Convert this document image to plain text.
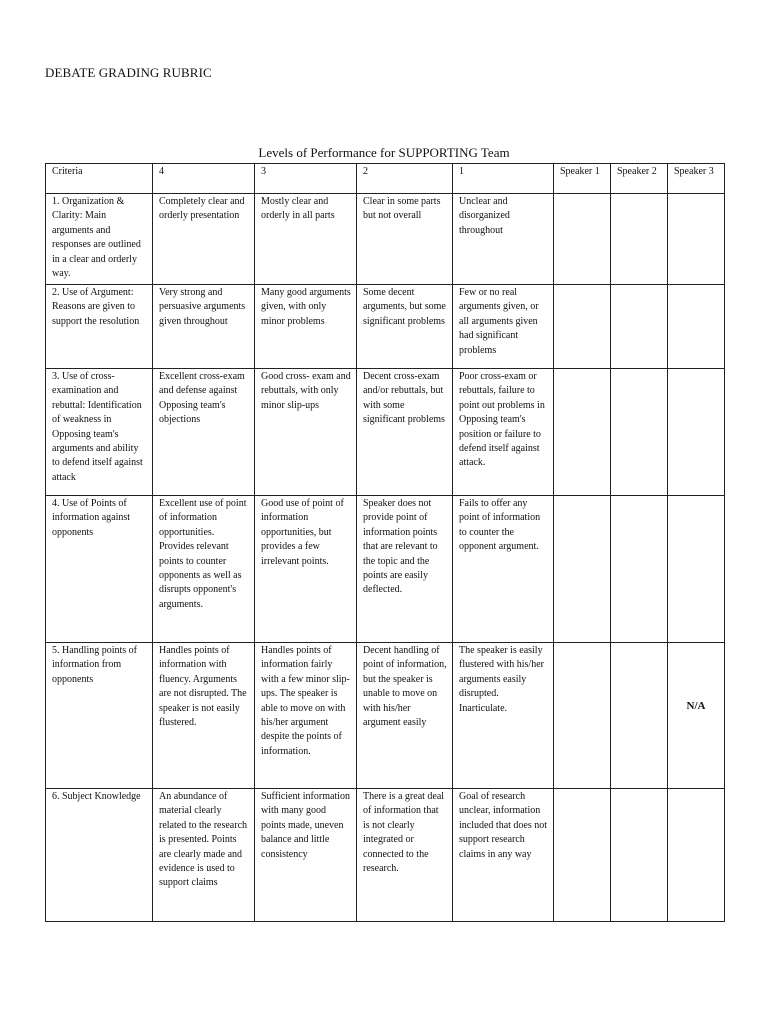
DEBATE GRADING RUBRIC
Levels of Performance for SUPPORTING Team
Criteria	4	3	2	1	Speaker 1	Speaker 2	Speaker 3
1. Organization & Clarity: Main arguments and responses are outlined in a clear and orderly way.	Completely clear and orderly presentation	Mostly clear and orderly in all parts	Clear in some parts but not overall	Unclear and disorganized throughout			
2. Use of Argument: Reasons are given to support the resolution	Very strong and persuasive arguments given throughout	Many good arguments given, with only minor problems	Some decent arguments, but some significant problems	Few or no real arguments given, or all arguments given had significant problems			
3. Use of cross-examination and rebuttal: Identification of weakness in Opposing team's arguments and ability to defend itself against attack	Excellent cross-exam and defense against Opposing team's objections	Good cross- exam and rebuttals, with only minor slip-ups	Decent cross-exam and/or rebuttals, but with some significant problems	Poor cross-exam or rebuttals, failure to point out problems in Opposing team's position or failure to defend itself against attack.			
4. Use of Points of information against opponents	Excellent use of point of information opportunities. Provides relevant points to counter opponents as well as disrupts opponent's arguments.	Good use of point of information opportunities, but provides a few irrelevant points.	Speaker does not provide point of information points that are relevant to the topic and the points are easily deflected.	Fails to offer any point of information to counter the opponent argument.			
5. Handling points of information from opponents	Handles points of information with fluency. Arguments are not disrupted. The speaker is not easily flustered.	Handles points of information fairly with a few minor slip-ups. The speaker is able to move on with his/her argument despite the points of information.	Decent handling of point of information, but the speaker is unable to move on with his/her argument easily	The speaker is easily flustered with his/her arguments easily disrupted. Inarticulate.			N/A

6. Subject Knowledge	An abundance of material clearly related to the research is presented. Points are clearly made and evidence is used to support claims	Sufficient information with many good points made, uneven balance and little consistency	There is a great deal of information that is not clearly integrated or connected to the research.	Goal of research unclear, information included that does not support research claims in any way			
